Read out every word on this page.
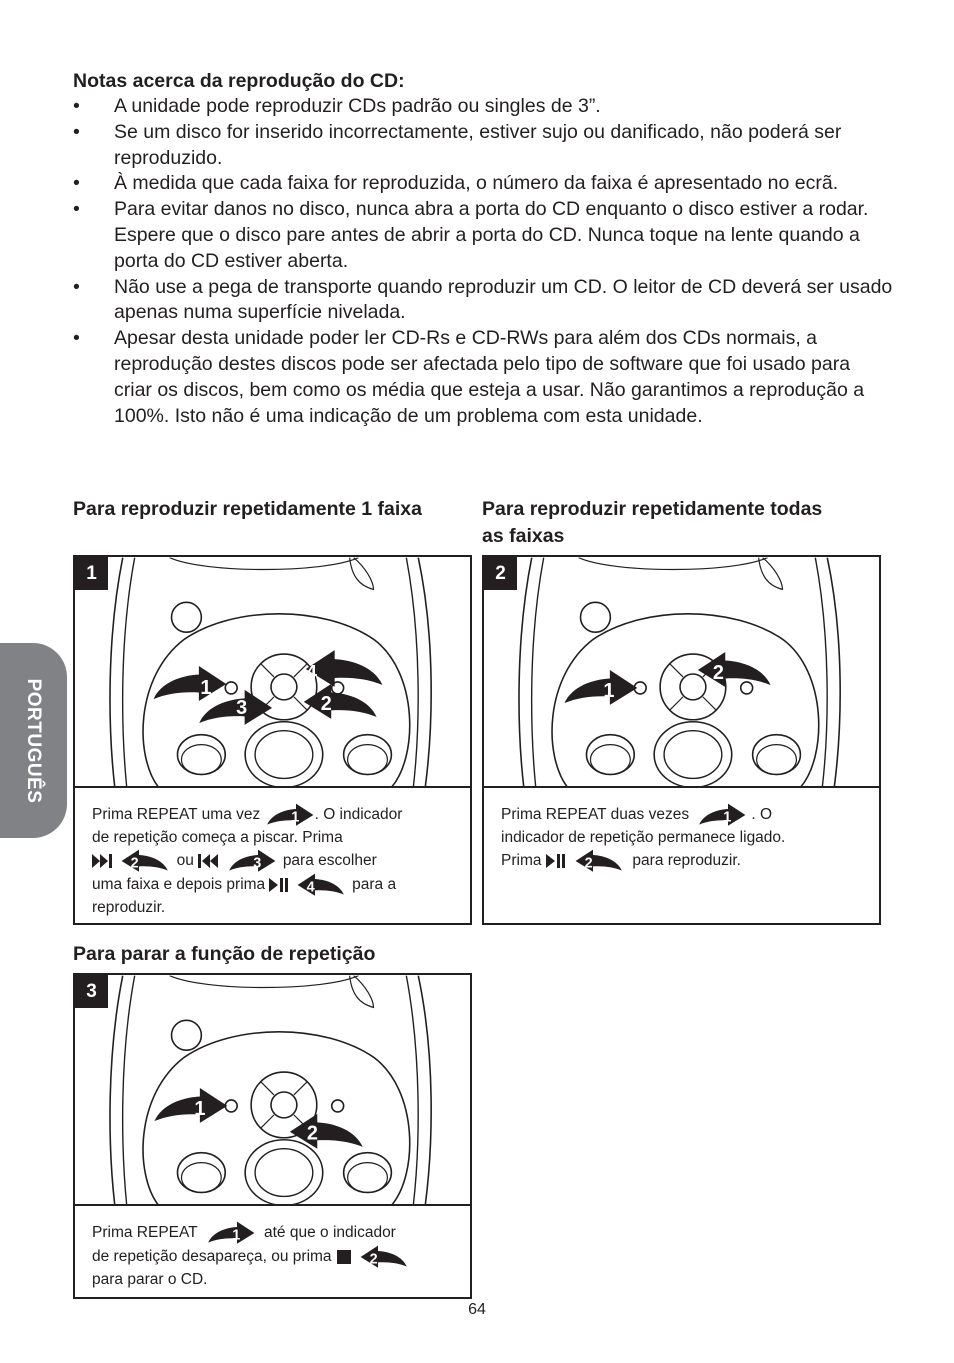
Notas acerca da reprodução do CD:
• A unidade pode reproduzir CDs padrão ou singles de 3”.
• Se um disco for inserido incorrectamente, estiver sujo ou danificado, não poderá ser reproduzido.
• À medida que cada faixa for reproduzida, o número da faixa é apresentado no ecrã.
• Para evitar danos no disco, nunca abra a porta do CD enquanto o disco estiver a rodar. Espere que o disco pare antes de abrir a porta do CD. Nunca toque na lente quando a porta do CD estiver aberta.
• Não use a pega de transporte quando reproduzir um CD. O leitor de CD deverá ser usado apenas numa superfície nivelada.
• Apesar desta unidade poder ler CD-Rs e CD-RWs para além dos CDs normais, a reprodução destes discos pode ser afectada pelo tipo de software que foi usado para criar os discos, bem como os média que esteja a usar. Não garantimos a reprodução a 100%. Isto não é uma indicação de um problema com esta unidade.
Para reproduzir repetidamente 1 faixa	Para reproduzir repetidamente todas
as faixas
1
4
2
3
1
Prima REPEAT uma vez 1 . O indicador
de repetição começa a piscar. Prima

2 ou 3 para escolher
uma faixa e depois prima 4 para a
reproduzir.
1
2
2
Prima REPEAT duas vezes 1 . O
indicador de repetição permanece ligado.
Prima 2	para reproduzir.
Para parar a função de repetição
1
2
3
Prima REPEAT 1 até que o indicador
de repetição desapareça, ou prima 2
para parar o CD.
PORTUGUÊS
64
